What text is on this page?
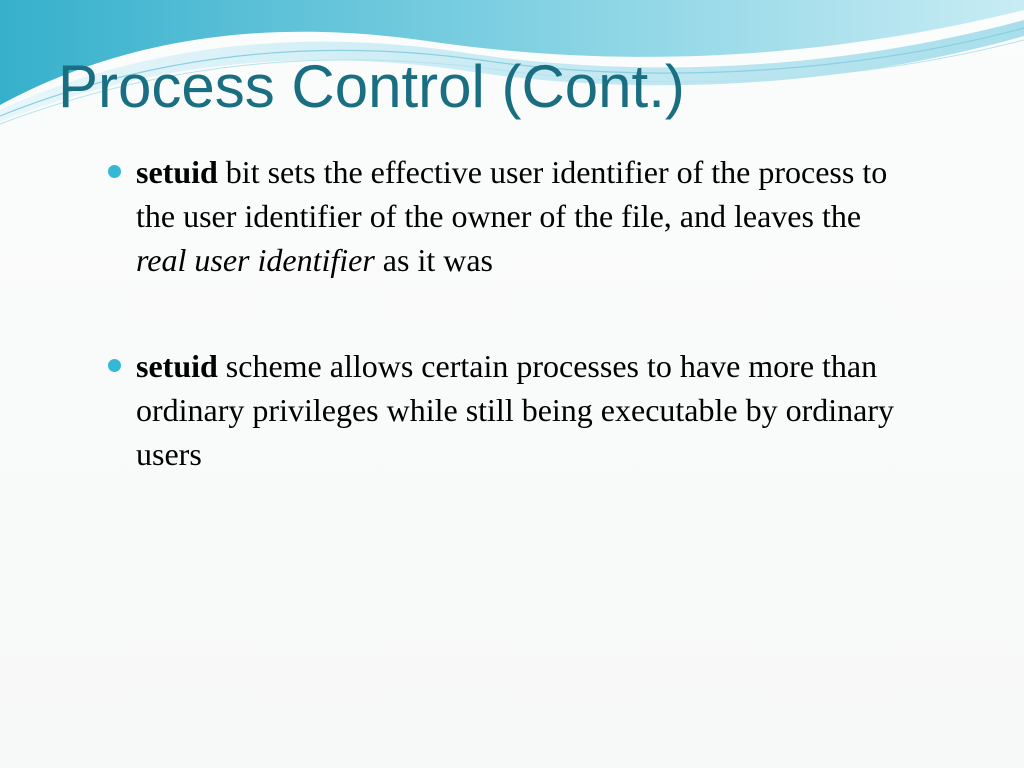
Process Control (Cont.)
setuid bit sets the effective user identifier of the process to the user identifier of the owner of the file, and leaves the real user identifier as it was
setuid scheme allows certain processes to have more than ordinary privileges while still being executable by ordinary users
